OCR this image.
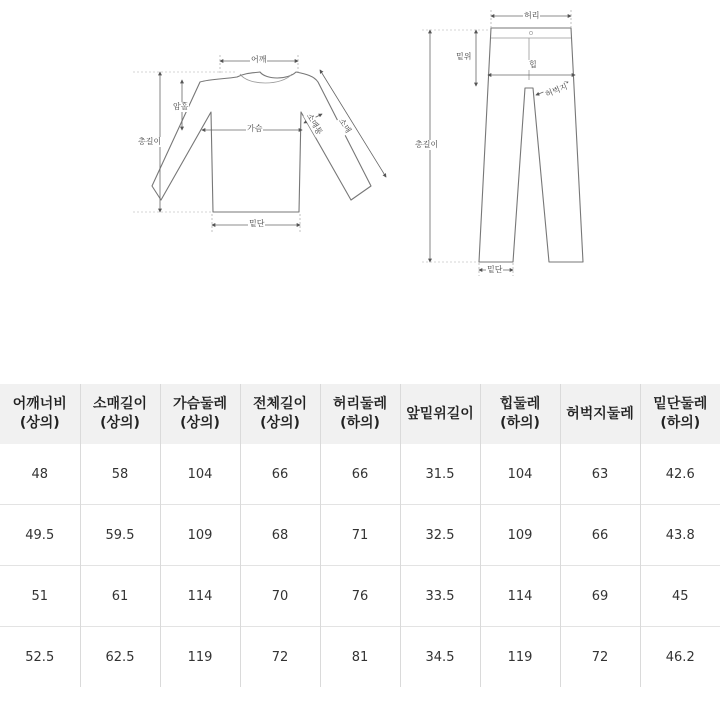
어깨
암홀
가슴	소매통 소매
총길이
밑단
허리
밑위
힙
허벅지
총길이
밑단
어깨너비(상의)	소매길이(상의)	가슴둘레(상의)	전체길이(상의)	허리둘레(하의)	앞밑위길이	힙둘레(하의)	허벅지둘레	밑단둘레(하의)
48	58	104	66	66	31.5	104	63	42.6
49.5	59.5	109	68	71	32.5	109	66	43.8
51	61	114	70	76	33.5	114	69	45
52.5	62.5	119	72	81	34.5	119	72	46.2
